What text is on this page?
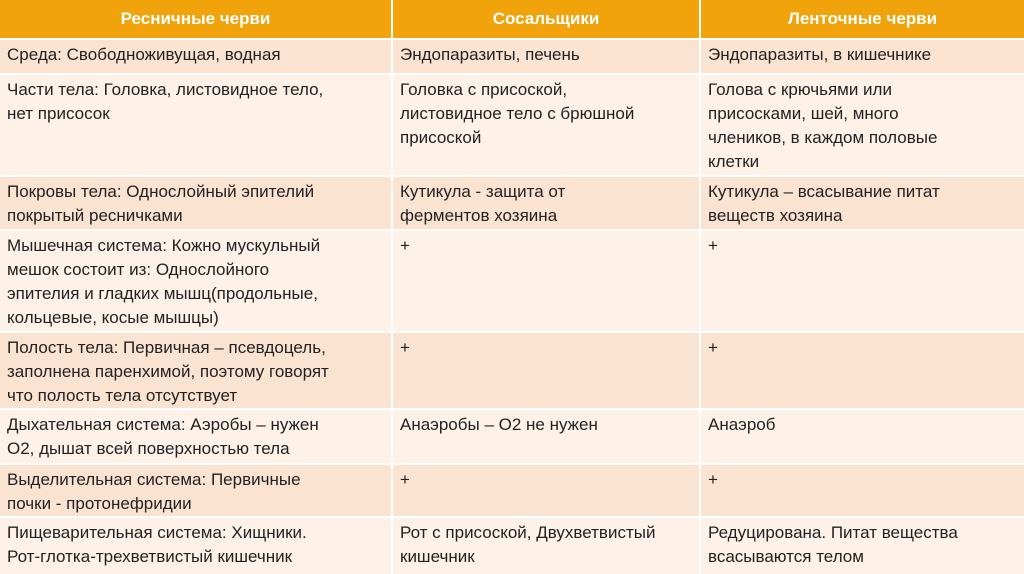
Ресничные черви	Сосальщики	Ленточные черви

Среда: Свободноживущая, водная	Эндопаразиты, печень	Эндопаразиты, в кишечнике

Части тела: Головка, листовидное тело,
нет присосок	Головка с присоской,
листовидное тело с брюшной
присоской	Голова с крючьями или
присосками, шей, много
члеников, в каждом половые
клетки

Покровы тела: Однослойный эпителий
покрытый ресничками	Кутикула - защита от
ферментов хозяина	Кутикула – всасывание питат
веществ хозяина

Мышечная система: Кожно мускульный
мешок состоит из: Однослойного
эпителия и гладких мышц(продольные,
кольцевые, косые мышцы)	+	+

Полость тела: Первичная – псевдоцель,
заполнена паренхимой, поэтому говорят
что полость тела отсутствует	+	+

Дыхательная система: Аэробы – нужен
О2, дышат всей поверхностью тела	Анаэробы – О2 не нужен	Анаэроб

Выделительная система: Первичные
почки - протонефридии	+	+

Пищеварительная система: Хищники.
Рот-глотка-трехветвистый кишечник	Рот с присоской, Двухветвистый
кишечник	Редуцирована. Питат вещества
всасываются телом
